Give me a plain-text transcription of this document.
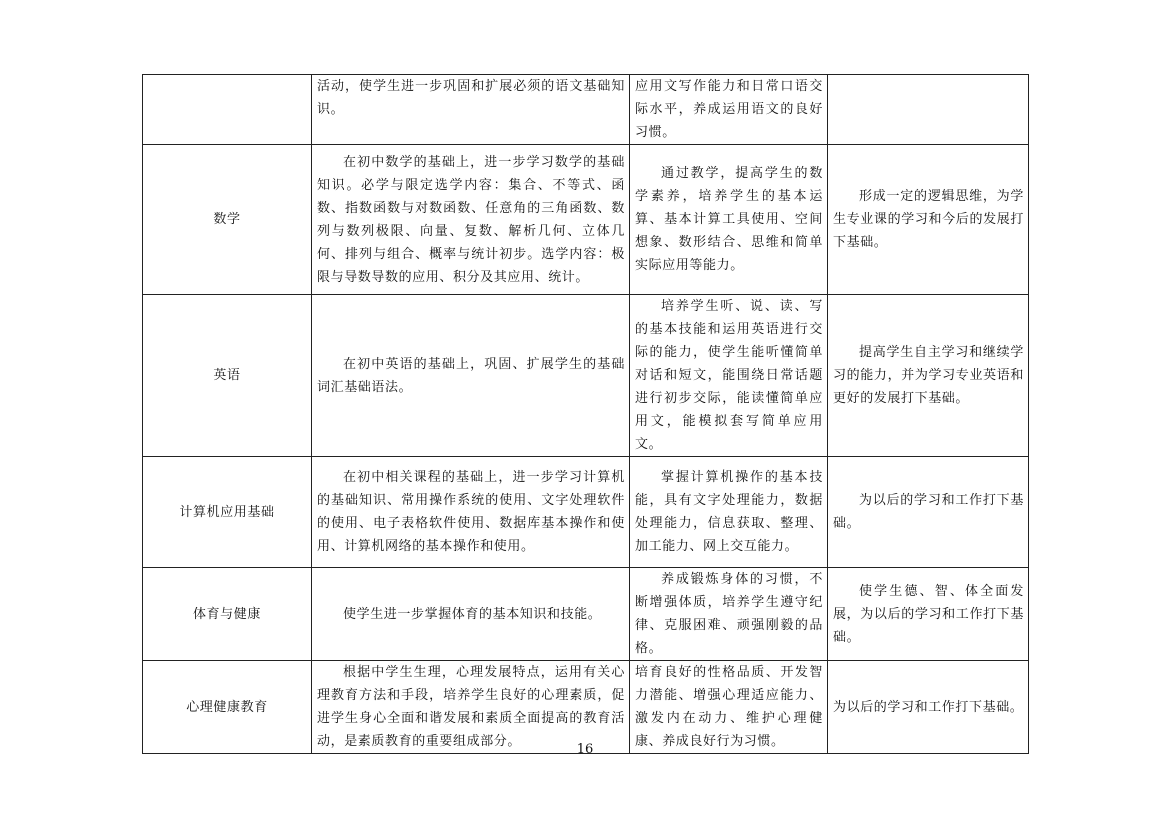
	活动，使学生进一步巩固和扩展必须的语文基础知识。	应用文写作能力和日常口语交际水平，养成运用语文的良好习惯。	
数学	在初中数学的基础上，进一步学习数学的基础知识。必学与限定选学内容：集合、不等式、函数、指数函数与对数函数、任意角的三角函数、数列与数列极限、向量、复数、解析几何、立体几何、排列与组合、概率与统计初步。选学内容：极限与导数导数的应用、积分及其应用、统计。	通过教学，提高学生的数学素养，培养学生的基本运算、基本计算工具使用、空间想象、数形结合、思维和简单实际应用等能力。	形成一定的逻辑思维，为学生专业课的学习和今后的发展打下基础。
英语	在初中英语的基础上，巩固、扩展学生的基础词汇基础语法。	培养学生听、说、读、写的基本技能和运用英语进行交际的能力，使学生能听懂简单对话和短文，能围绕日常话题进行初步交际，能读懂简单应用文，能模拟套写简单应用文。	提高学生自主学习和继续学习的能力，并为学习专业英语和更好的发展打下基础。
计算机应用基础	在初中相关课程的基础上，进一步学习计算机的基础知识、常用操作系统的使用、文字处理软件的使用、电子表格软件使用、数据库基本操作和使用、计算机网络的基本操作和使用。	掌握计算机操作的基本技能，具有文字处理能力，数据处理能力，信息获取、整理、加工能力、网上交互能力。	为以后的学习和工作打下基础。
体育与健康	使学生进一步掌握体育的基本知识和技能。	养成锻炼身体的习惯，不断增强体质，培养学生遵守纪律、克服困难、顽强刚毅的品格。	使学生德、智、体全面发展，为以后的学习和工作打下基础。
心理健康教育	根据中学生生理，心理发展特点，运用有关心理教育方法和手段，培养学生良好的心理素质，促进学生身心全面和谐发展和素质全面提高的教育活动，是素质教育的重要组成部分。	培育良好的性格品质、开发智力潜能、增强心理适应能力、激发内在动力、维护心理健康、养成良好行为习惯。	为以后的学习和工作打下基础。
16
